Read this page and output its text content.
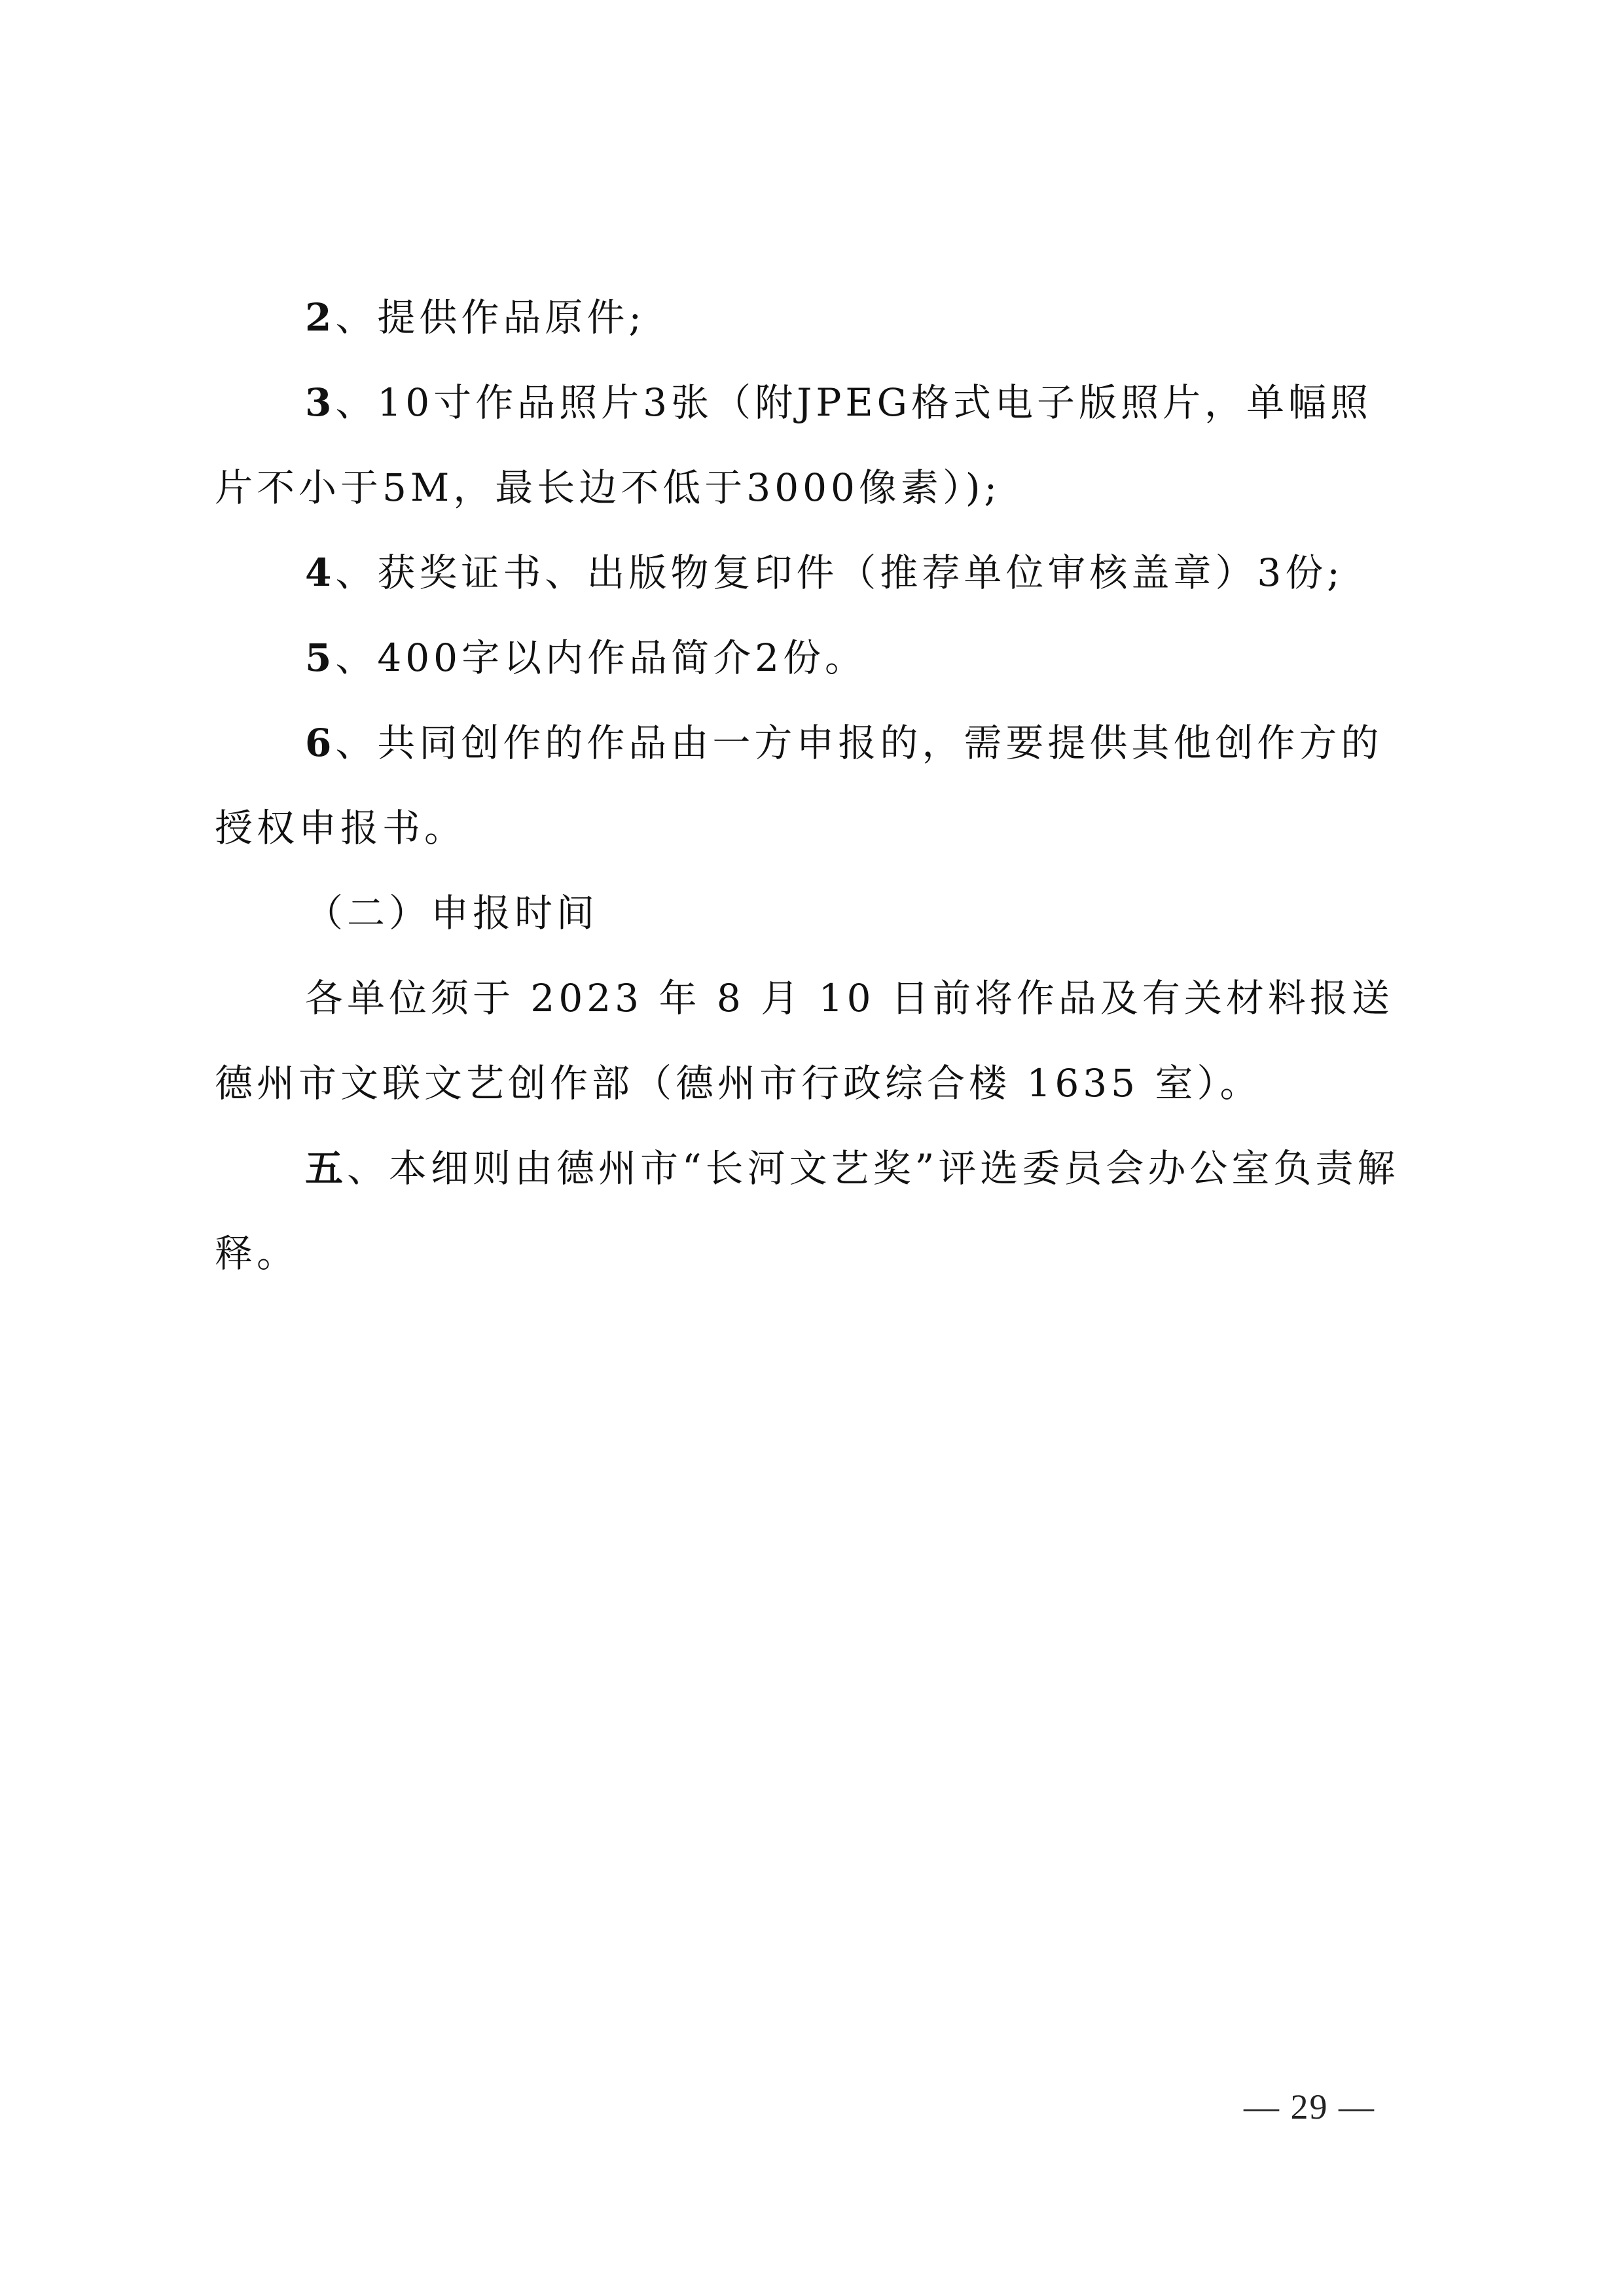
2、提供作品原件;

3、10寸作品照片3张（附JPEG格式电子版照片，单幅照片不小于5M，最长边不低于3000像素）);

4、获奖证书、出版物复印件（推荐单位审核盖章）3份;

5、400字以内作品简介2份。

6、共同创作的作品由一方申报的，需要提供其他创作方的授权申报书。

（二）申报时间

各单位须于 2023 年 8 月 10 日前将作品及有关材料报送德州市文联文艺创作部（德州市行政综合楼 1635 室）。

五、本细则由德州市“长河文艺奖”评选委员会办公室负责解释。

— 29 —
